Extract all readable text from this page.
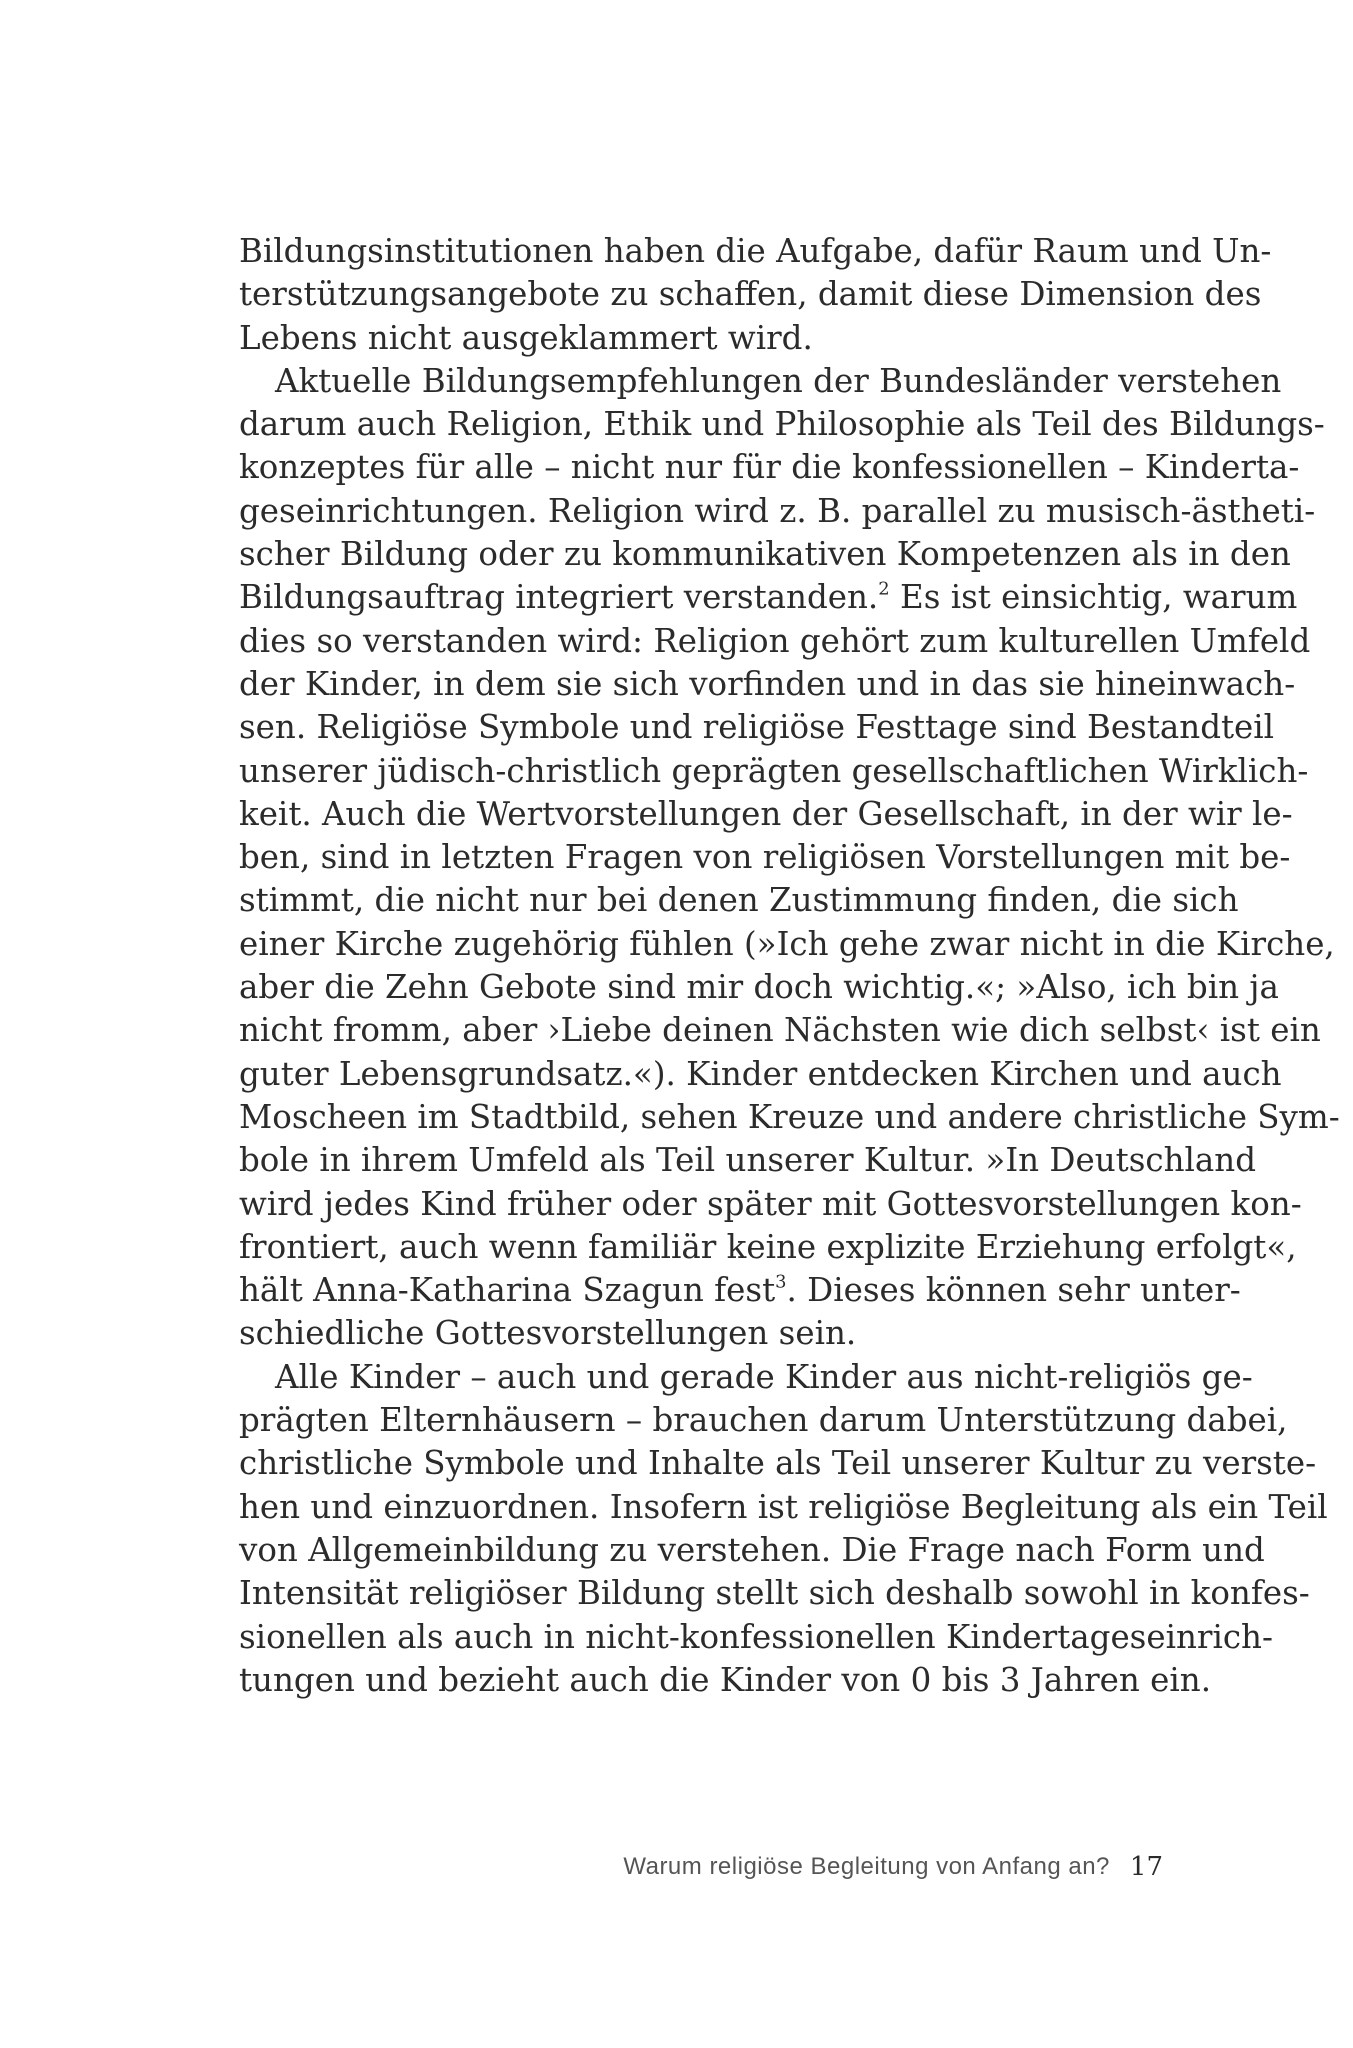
Bildungsinstitutionen haben die Aufgabe, dafür Raum und Un-
terstützungsangebote zu schaffen, damit diese Dimension des
Lebens nicht ausgeklammert wird.
Aktuelle Bildungsempfehlungen der Bundesländer verstehen
darum auch Religion, Ethik und Philosophie als Teil des Bildungs-
konzeptes für alle – nicht nur für die konfessionellen – Kinderta-
geseinrichtungen. Religion wird z. B. parallel zu musisch-ästheti-
scher Bildung oder zu kommunikativen Kompetenzen als in den
Bildungsauftrag integriert verstanden.$^2$ Es ist einsichtig, warum
dies so verstanden wird: Religion gehört zum kulturellen Umfeld
der Kinder, in dem sie sich vorfinden und in das sie hineinwach-
sen. Religiöse Symbole und religiöse Festtage sind Bestandteil
unserer jüdisch-christlich geprägten gesellschaftlichen Wirklich-
keit. Auch die Wertvorstellungen der Gesellschaft, in der wir le-
ben, sind in letzten Fragen von religiösen Vorstellungen mit be-
stimmt, die nicht nur bei denen Zustimmung finden, die sich
einer Kirche zugehörig fühlen (»Ich gehe zwar nicht in die Kirche,
aber die Zehn Gebote sind mir doch wichtig.«; »Also, ich bin ja
nicht fromm, aber ›Liebe deinen Nächsten wie dich selbst‹ ist ein
guter Lebensgrundsatz.«). Kinder entdecken Kirchen und auch
Moscheen im Stadtbild, sehen Kreuze und andere christliche Sym-
bole in ihrem Umfeld als Teil unserer Kultur. »In Deutschland
wird jedes Kind früher oder später mit Gottesvorstellungen kon-
frontiert, auch wenn familiär keine explizite Erziehung erfolgt«,
hält Anna-Katharina Szagun fest$^3$. Dieses können sehr unter-
schiedliche Gottesvorstellungen sein.
Alle Kinder – auch und gerade Kinder aus nicht-religiös ge-
prägten Elternhäusern – brauchen darum Unterstützung dabei,
christliche Symbole und Inhalte als Teil unserer Kultur zu verste-
hen und einzuordnen. Insofern ist religiöse Begleitung als ein Teil
von Allgemeinbildung zu verstehen. Die Frage nach Form und
Intensität religiöser Bildung stellt sich deshalb sowohl in konfes-
sionellen als auch in nicht-konfessionellen Kindertageseinrich-
tungen und bezieht auch die Kinder von 0 bis 3 Jahren ein.
Warum religiöse Begleitung von Anfang an? 17
